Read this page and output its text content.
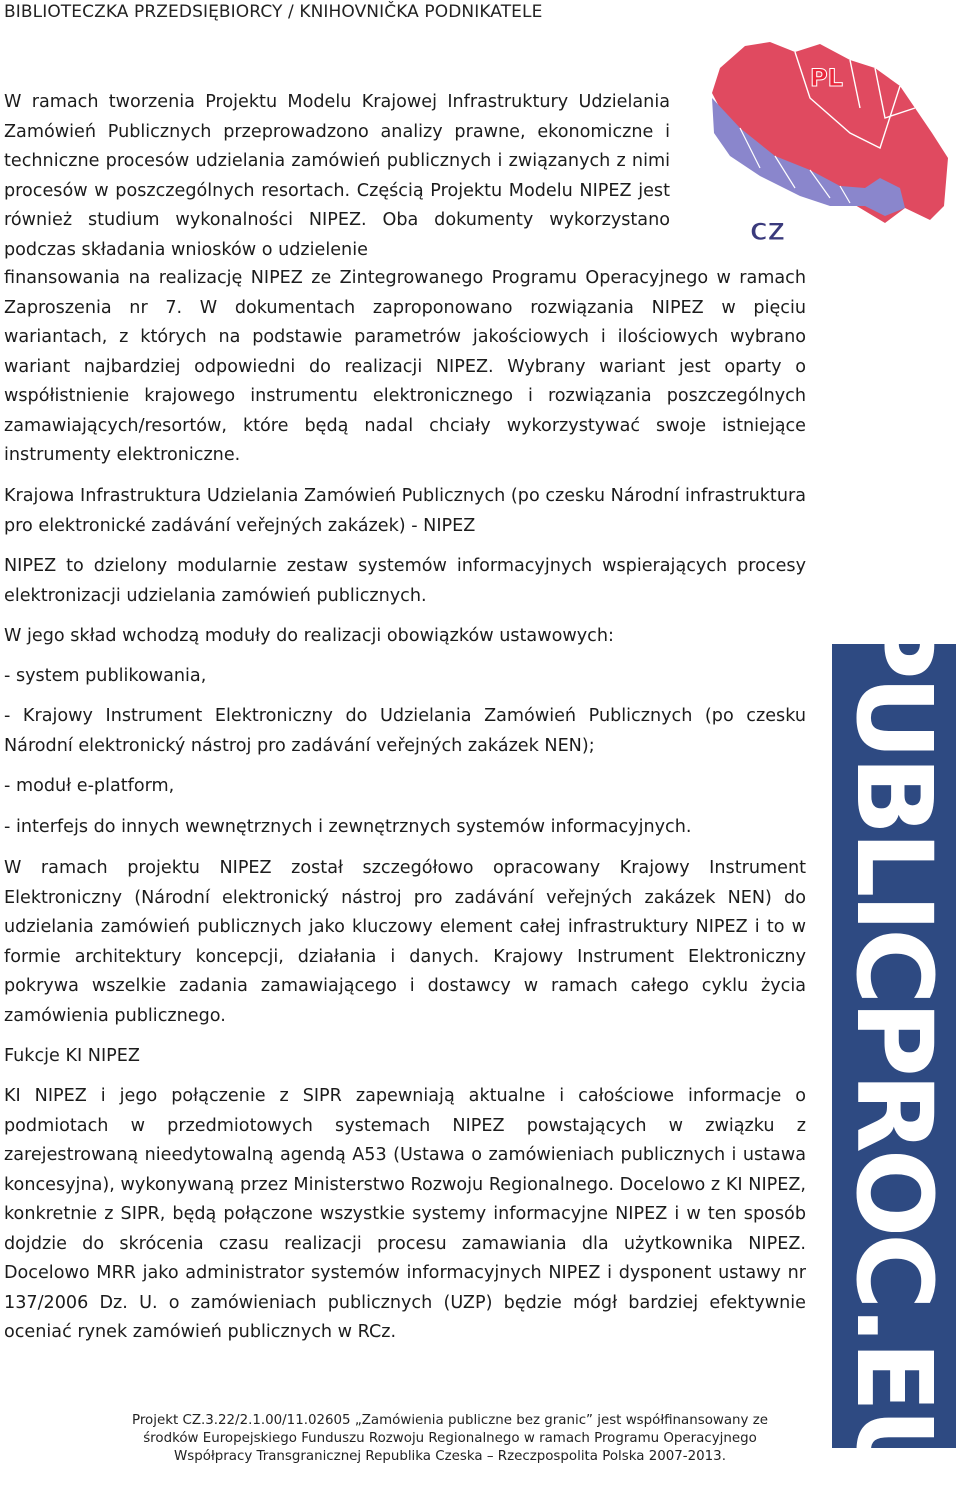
BIBLIOTECZKA PRZEDSIĘBIORCY / KNIHOVNIČKA PODNIKATELE
PL
CZ

W ramach tworzenia Projektu Modelu Krajowej Infrastruktury Udzielania Zamówień Publicznych przeprowadzono analizy prawne, ekonomiczne i techniczne procesów udzielania zamówień publicznych i związanych z nimi procesów w poszczególnych resortach. Częścią Projektu Modelu NIPEZ jest również studium wykonalności NIPEZ. Oba dokumenty wykorzystano podczas składania wniosków o udzielenie

finansowania na realizację NIPEZ ze Zintegrowanego Programu Operacyjnego w ramach Zaproszenia nr 7. W dokumentach zaproponowano rozwiązania NIPEZ w pięciu wariantach, z których na podstawie parametrów jakościowych i ilościowych wybrano wariant najbardziej odpowiedni do realizacji NIPEZ. Wybrany wariant jest oparty o współistnienie krajowego instrumentu elektronicznego i rozwiązania poszczególnych zamawiających/resortów, które będą nadal chciały wykorzystywać swoje istniejące instrumenty elektroniczne.

Krajowa Infrastruktura Udzielania Zamówień Publicznych (po czesku Národní infrastruktura pro elektronické zadávání veřejných zakázek) - NIPEZ

NIPEZ to dzielony modularnie zestaw systemów informacyjnych wspierających procesy elektronizacji udzielania zamówień publicznych.

W jego skład wchodzą moduły do realizacji obowiązków ustawowych:

- system publikowania,

- Krajowy Instrument Elektroniczny do Udzielania Zamówień Publicznych (po czesku Národní elektronický nástroj pro zadávání veřejných zakázek NEN);

- moduł e-platform,

- interfejs do innych wewnętrznych i zewnętrznych systemów informacyjnych.

W ramach projektu NIPEZ został szczegółowo opracowany Krajowy Instrument Elektroniczny (Národní elektronický nástroj pro zadávání veřejných zakázek NEN) do udzielania zamówień publicznych jako kluczowy element całej infrastruktury NIPEZ i to w formie architektury koncepcji, działania i danych. Krajowy Instrument Elektroniczny pokrywa wszelkie zadania zamawiającego i dostawcy w ramach całego cyklu życia zamówienia publicznego.

Fukcje KI NIPEZ

KI NIPEZ i jego połączenie z SIPR zapewniają aktualne i całościowe informacje o podmiotach w przedmiotowych systemach NIPEZ powstających w związku z zarejestrowaną nieedytowalną agendą A53 (Ustawa o zamówieniach publicznych i ustawa koncesyjna), wykonywaną przez Ministerstwo Rozwoju Regionalnego. Docelowo z KI NIPEZ, konkretnie z SIPR, będą połączone wszystkie systemy informacyjne NIPEZ i w ten sposób dojdzie do skrócenia czasu realizacji procesu zamawiania dla użytkownika NIPEZ. Docelowo MRR jako administrator systemów informacyjnych NIPEZ i dysponent ustawy nr 137/2006 Dz. U. o zamówieniach publicznych (UZP) będzie mógł bardziej efektywnie oceniać rynek zamówień publicznych w RCz.	PUBLICPROC.EU
Projekt CZ.3.22/2.1.00/11.02605 „Zamówienia publiczne bez granic” jest współfinansowany ze
środków Europejskiego Funduszu Rozwoju Regionalnego w ramach Programu Operacyjnego
Współpracy Transgranicznej Republika Czeska – Rzeczpospolita Polska 2007-2013.
